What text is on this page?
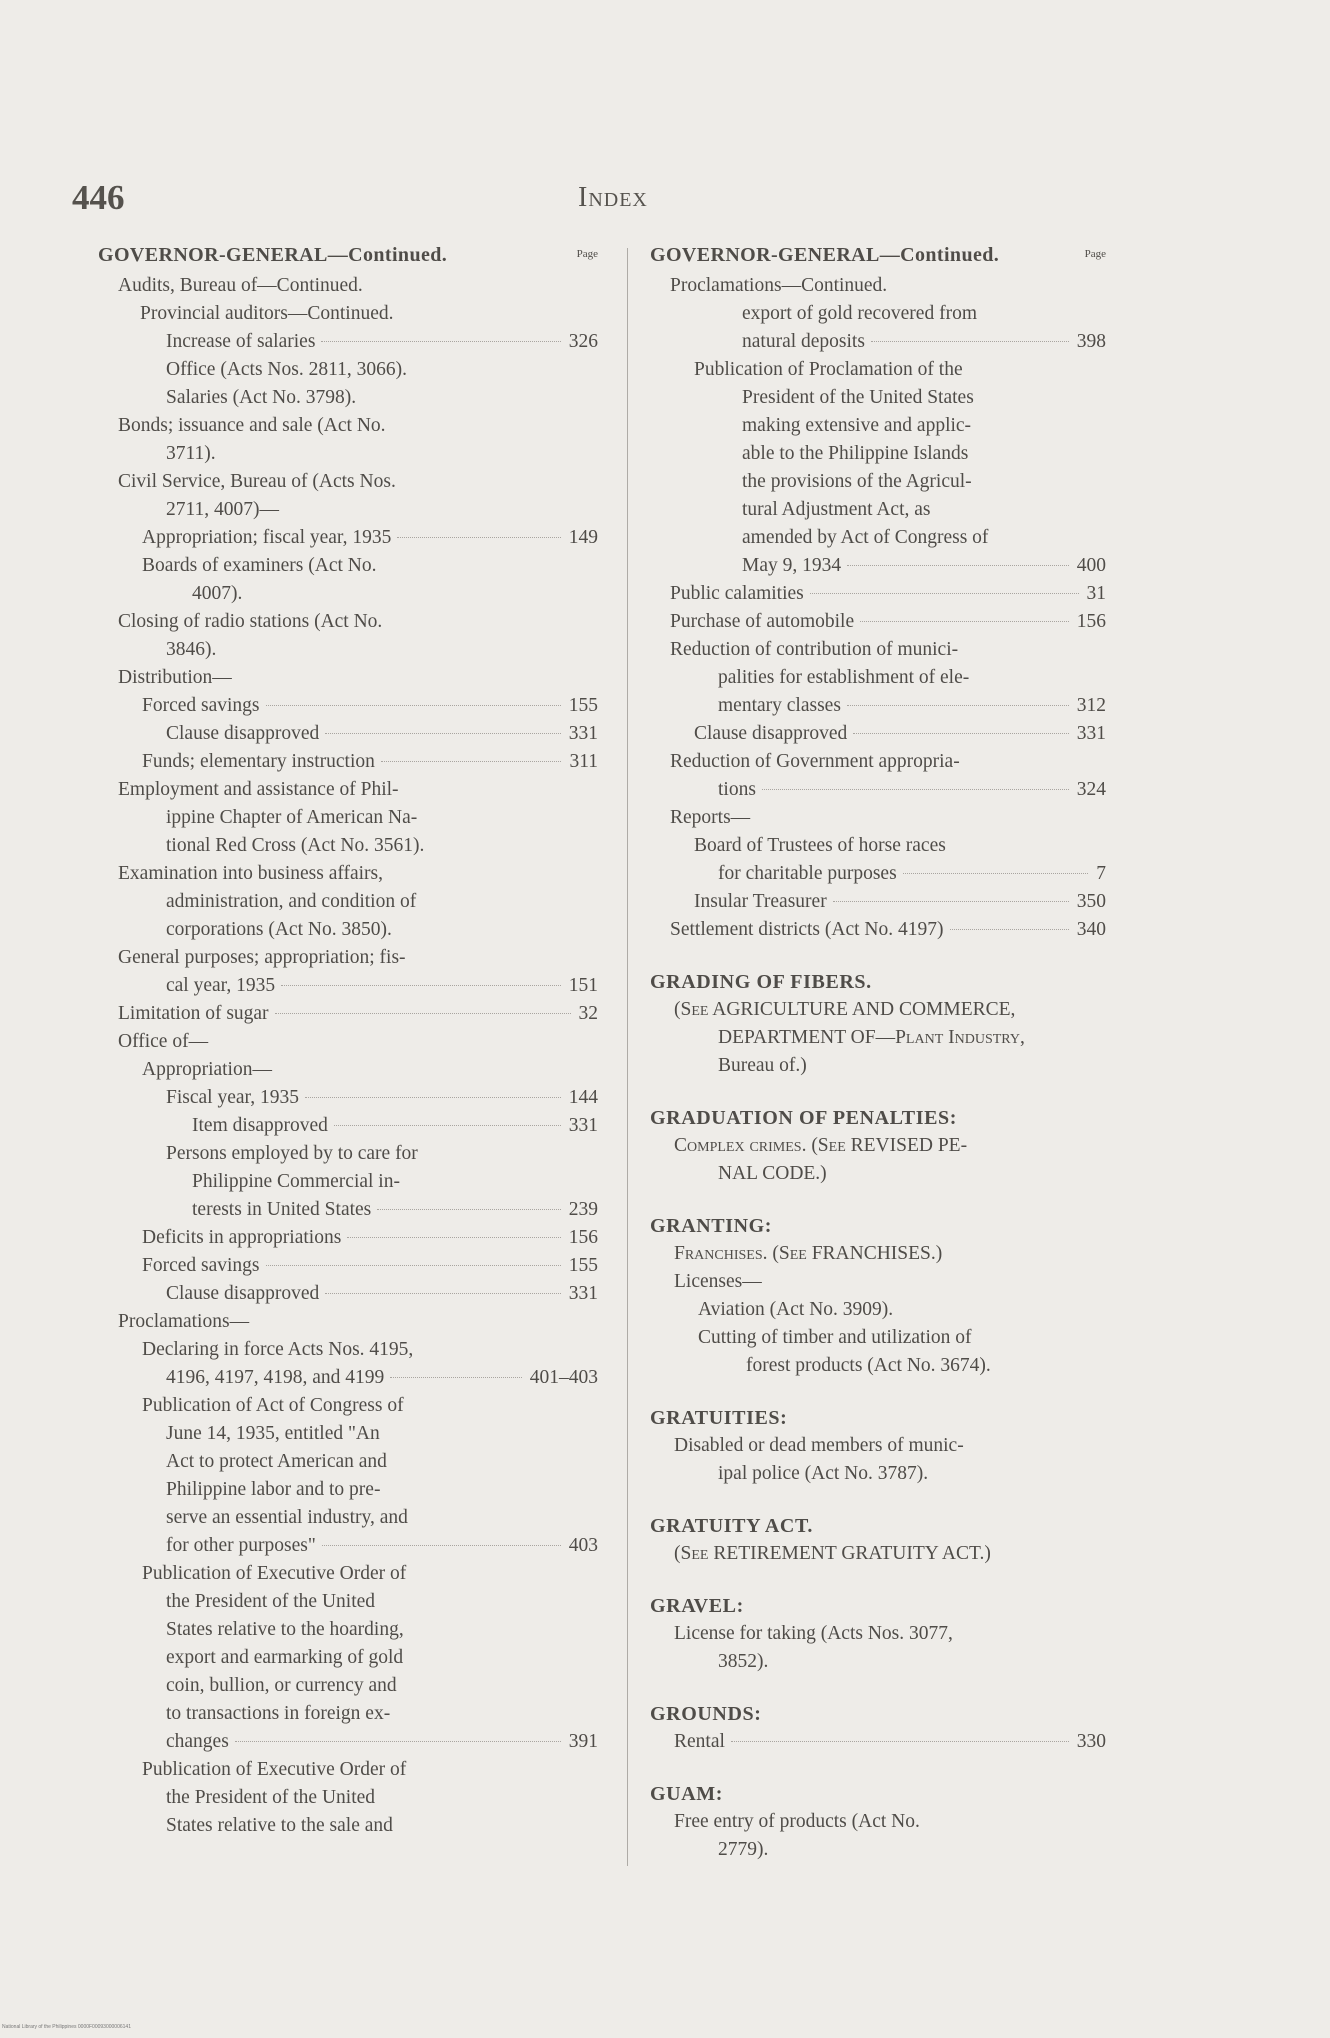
446	Index
GOVERNOR-GENERAL—Continued.	Page
Audits, Bureau of—Continued.
Provincial auditors—Continued.
Increase of salaries	326
Office (Acts Nos. 2811, 3066).
Salaries (Act No. 3798).
Bonds; issuance and sale (Act No.
3711).
Civil Service, Bureau of (Acts Nos.
2711, 4007)—
Appropriation; fiscal year, 1935	149
Boards of examiners (Act No.
4007).
Closing of radio stations (Act No.
3846).
Distribution—
Forced savings	155
Clause disapproved	331
Funds; elementary instruction	311
Employment and assistance of Phil-
ippine Chapter of American Na-
tional Red Cross (Act No. 3561).
Examination into business affairs,
administration, and condition of
corporations (Act No. 3850).
General purposes; appropriation; fis-
cal year, 1935	151
Limitation of sugar	32
Office of—
Appropriation—
Fiscal year, 1935	144
Item disapproved	331
Persons employed by to care for
Philippine Commercial in-
terests in United States	239
Deficits in appropriations	156
Forced savings	155
Clause disapproved	331
Proclamations—
Declaring in force Acts Nos. 4195,
4196, 4197, 4198, and 4199	401–403
Publication of Act of Congress of
June 14, 1935, entitled "An
Act to protect American and
Philippine labor and to pre-
serve an essential industry, and
for other purposes"	403
Publication of Executive Order of
the President of the United
States relative to the hoarding,
export and earmarking of gold
coin, bullion, or currency and
to transactions in foreign ex-
changes	391
Publication of Executive Order of
the President of the United
States relative to the sale and
GOVERNOR-GENERAL—Continued.	Page
Proclamations—Continued.
export of gold recovered from
natural deposits	398
Publication of Proclamation of the
President of the United States
making extensive and applic-
able to the Philippine Islands
the provisions of the Agricul-
tural Adjustment Act, as
amended by Act of Congress of
May 9, 1934	400
Public calamities	31
Purchase of automobile	156
Reduction of contribution of munici-
palities for establishment of ele-
mentary classes	312
Clause disapproved	331
Reduction of Government appropria-
tions	324
Reports—
Board of Trustees of horse races
for charitable purposes	7
Insular Treasurer	350
Settlement districts (Act No. 4197)	340
GRADING OF FIBERS.
(See AGRICULTURE AND COMMERCE,
DEPARTMENT OF—Plant Industry,
Bureau of.)
GRADUATION OF PENALTIES:
Complex crimes. (See REVISED PE-
NAL CODE.)
GRANTING:
Franchises. (See FRANCHISES.)
Licenses—
Aviation (Act No. 3909).
Cutting of timber and utilization of
forest products (Act No. 3674).
GRATUITIES:
Disabled or dead members of munic-
ipal police (Act No. 3787).
GRATUITY ACT.
(See RETIREMENT GRATUITY ACT.)
GRAVEL:
License for taking (Acts Nos. 3077,
3852).
GROUNDS:
Rental	330
GUAM:
Free entry of products (Act No.
2779).
National Library of the Philippines 0000F00093000006141
